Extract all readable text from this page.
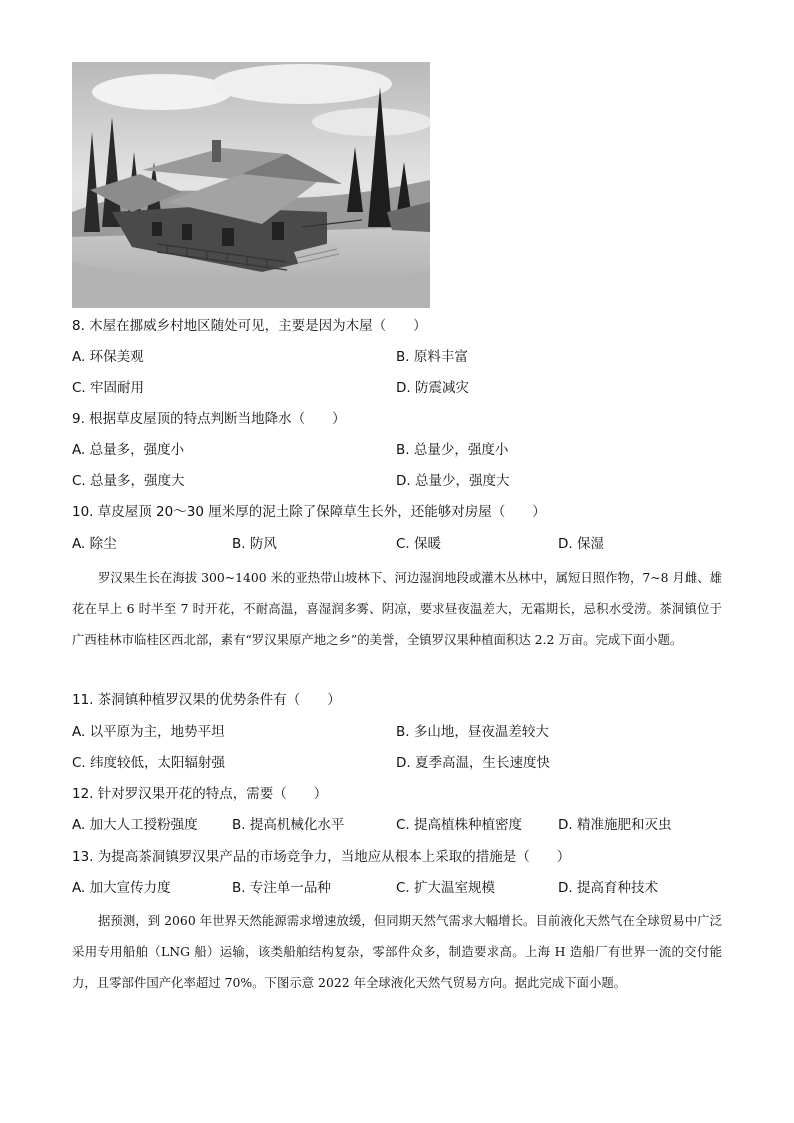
8. 木屋在挪威乡村地区随处可见，主要是因为木屋（　　）
A. 环保美观	B. 原料丰富
C. 牢固耐用	D. 防震减灾
9. 根据草皮屋顶的特点判断当地降水（　　）
A. 总量多，强度小	B. 总量少，强度小
C. 总量多，强度大	D. 总量少，强度大
10. 草皮屋顶 20～30 厘米厚的泥土除了保障草生长外，还能够对房屋（　　）
A. 除尘	B. 防风	C. 保暖	D. 保湿
罗汉果生长在海拔 300~1400 米的亚热带山坡林下、河边湿润地段或灌木丛林中，属短日照作物，7~8 月雌、雄花在早上 6 时半至 7 时开花，不耐高温，喜湿润多雾、阴凉，要求昼夜温差大，无霜期长，忌积水受涝。茶洞镇位于广西桂林市临桂区西北部，素有“罗汉果原产地之乡”的美誉，全镇罗汉果种植面积达 2.2 万亩。完成下面小题。
11. 茶洞镇种植罗汉果的优势条件有（　　）
A. 以平原为主，地势平坦	B. 多山地，昼夜温差较大
C. 纬度较低，太阳辐射强	D. 夏季高温，生长速度快
12. 针对罗汉果开花的特点，需要（　　）
A. 加大人工授粉强度	B. 提高机械化水平	C. 提高植株种植密度	D. 精准施肥和灭虫
13. 为提高茶洞镇罗汉果产品的市场竞争力，当地应从根本上采取的措施是（　　）
A. 加大宣传力度	B. 专注单一品种	C. 扩大温室规模	D. 提高育种技术
据预测，到 2060 年世界天然能源需求增速放缓，但同期天然气需求大幅增长。目前液化天然气在全球贸易中广泛采用专用船舶（LNG 船）运输，该类船舶结构复杂，零部件众多，制造要求高。上海 H 造船厂有世界一流的交付能力，且零部件国产化率超过 70%。下图示意 2022 年全球液化天然气贸易方向。据此完成下面小题。
